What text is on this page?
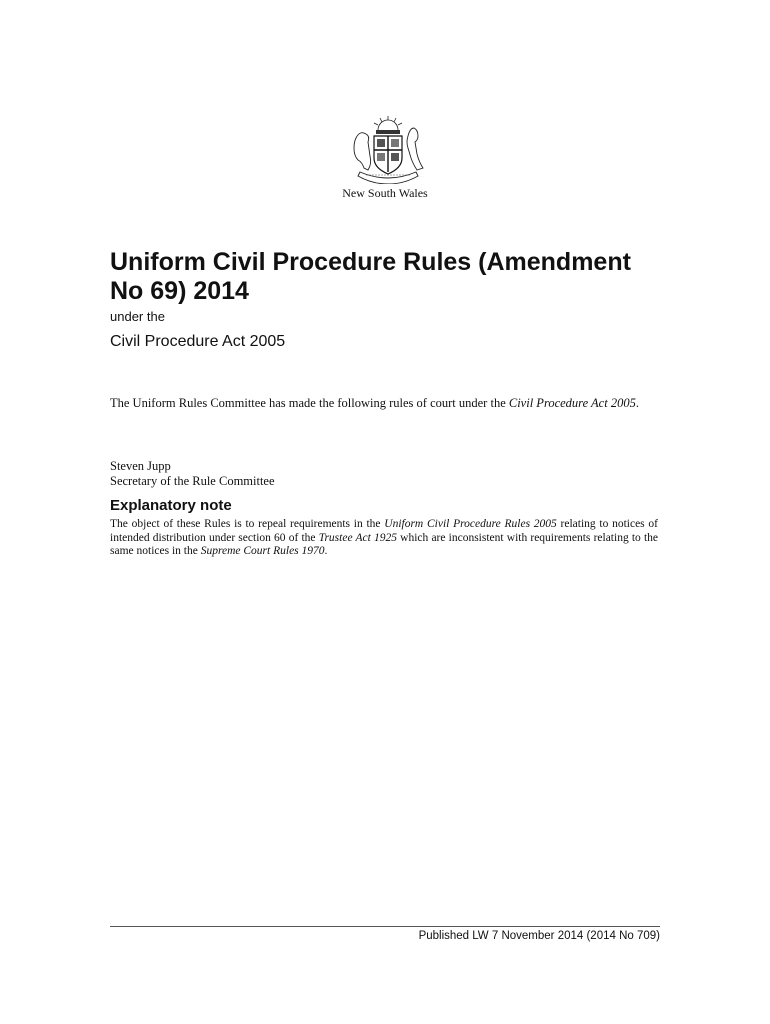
New South Wales
Uniform Civil Procedure Rules (Amendment
No 69) 2014
under the
Civil Procedure Act 2005

The Uniform Rules Committee has made the following rules of court under the Civil Procedure Act 2005.

Steven Jupp
Secretary of the Rule Committee
Explanatory note

The object of these Rules is to repeal requirements in the Uniform Civil Procedure Rules 2005 relating to notices of intended distribution under section 60 of the Trustee Act 1925 which are inconsistent with requirements relating to the same notices in the Supreme Court Rules 1970.

Published LW 7 November 2014 (2014 No 709)
